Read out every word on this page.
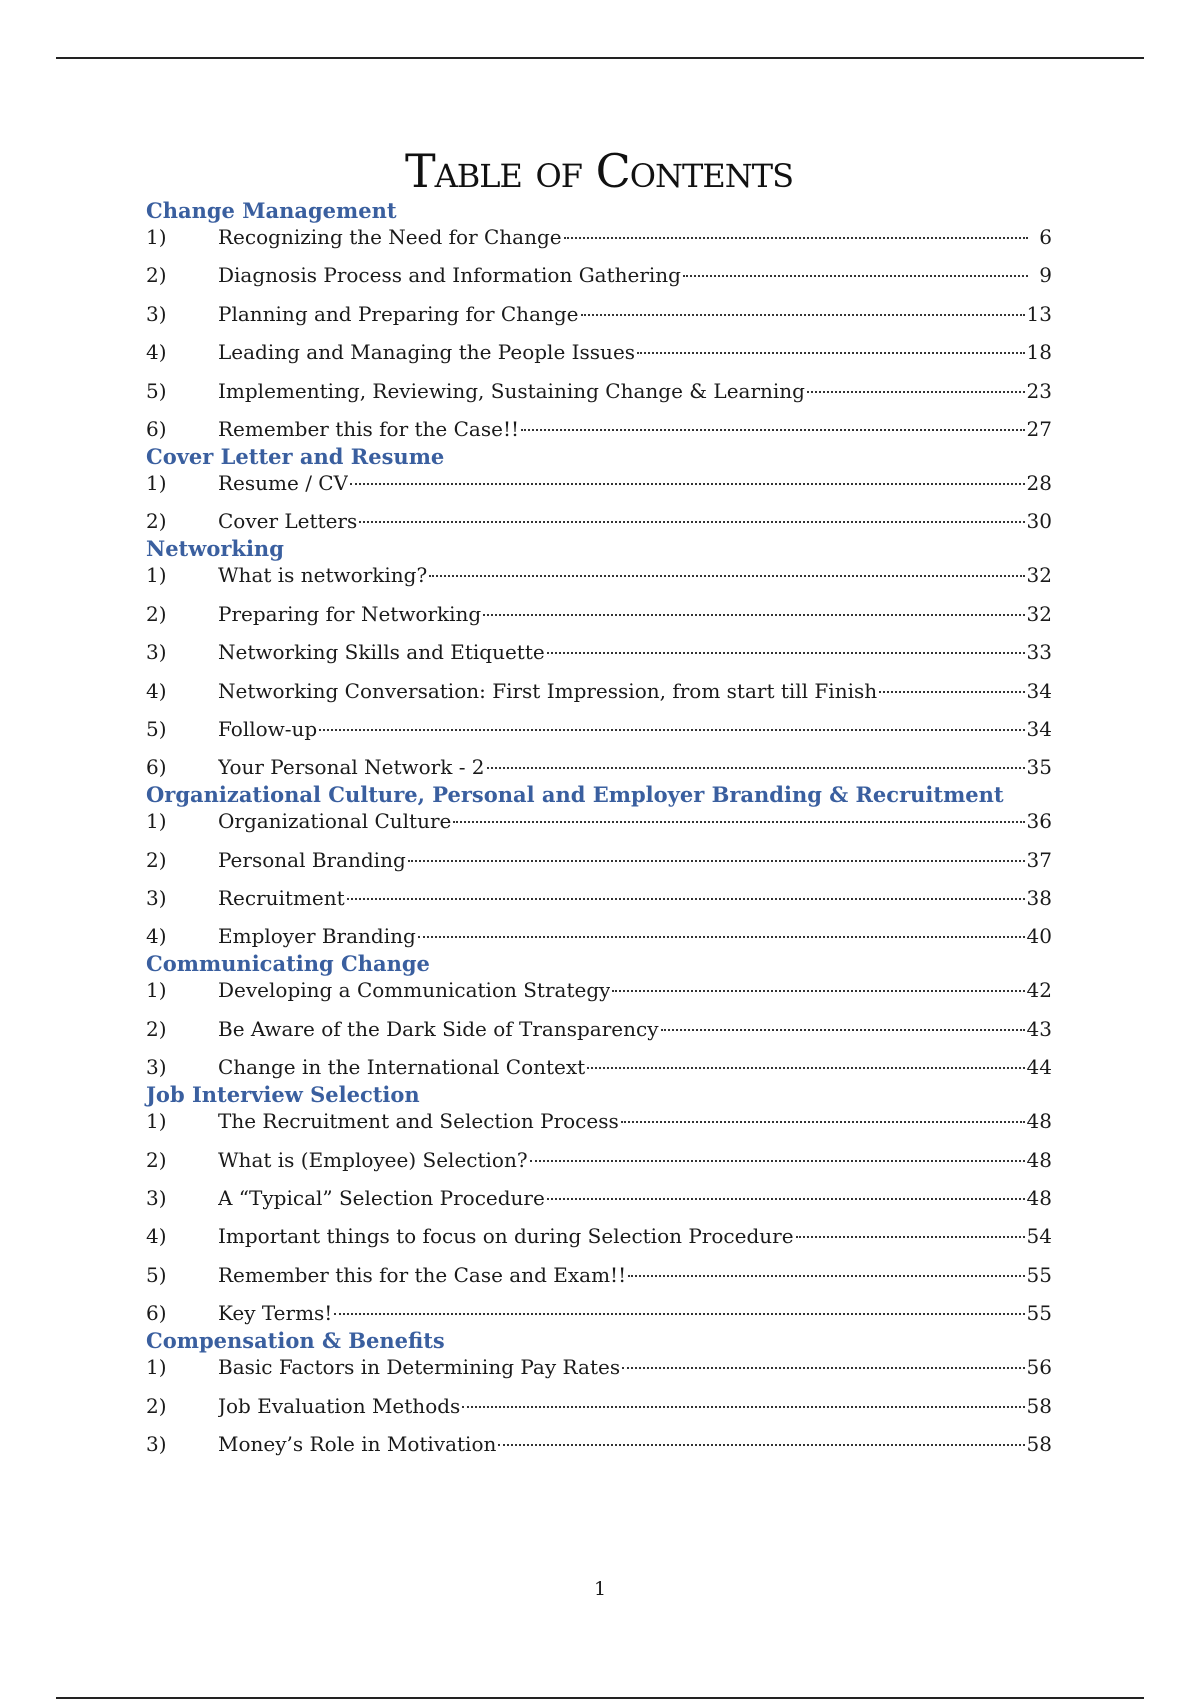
Table of Contents
Change Management
1)	Recognizing the Need for Change	6
2)	Diagnosis Process and Information Gathering	9
3)	Planning and Preparing for Change	13
4)	Leading and Managing the People Issues	18
5)	Implementing, Reviewing, Sustaining Change & Learning	23
6)	Remember this for the Case!!	27
Cover Letter and Resume
1)	Resume / CV	28
2)	Cover Letters	30
Networking
1)	What is networking?	32
2)	Preparing for Networking	32
3)	Networking Skills and Etiquette	33
4)	Networking Conversation: First Impression, from start till Finish	34
5)	Follow-up	34
6)	Your Personal Network - 2	35
Organizational Culture, Personal and Employer Branding & Recruitment
1)	Organizational Culture	36
2)	Personal Branding	37
3)	Recruitment	38
4)	Employer Branding	40
Communicating Change
1)	Developing a Communication Strategy	42
2)	Be Aware of the Dark Side of Transparency	43
3)	Change in the International Context	44
Job Interview Selection
1)	The Recruitment and Selection Process	48
2)	What is (Employee) Selection?	48
3)	A “Typical” Selection Procedure	48
4)	Important things to focus on during Selection Procedure	54
5)	Remember this for the Case and Exam!!	55
6)	Key Terms!	55
Compensation & Benefits
1)	Basic Factors in Determining Pay Rates	56
2)	Job Evaluation Methods	58
3)	Money’s Role in Motivation	58
1
